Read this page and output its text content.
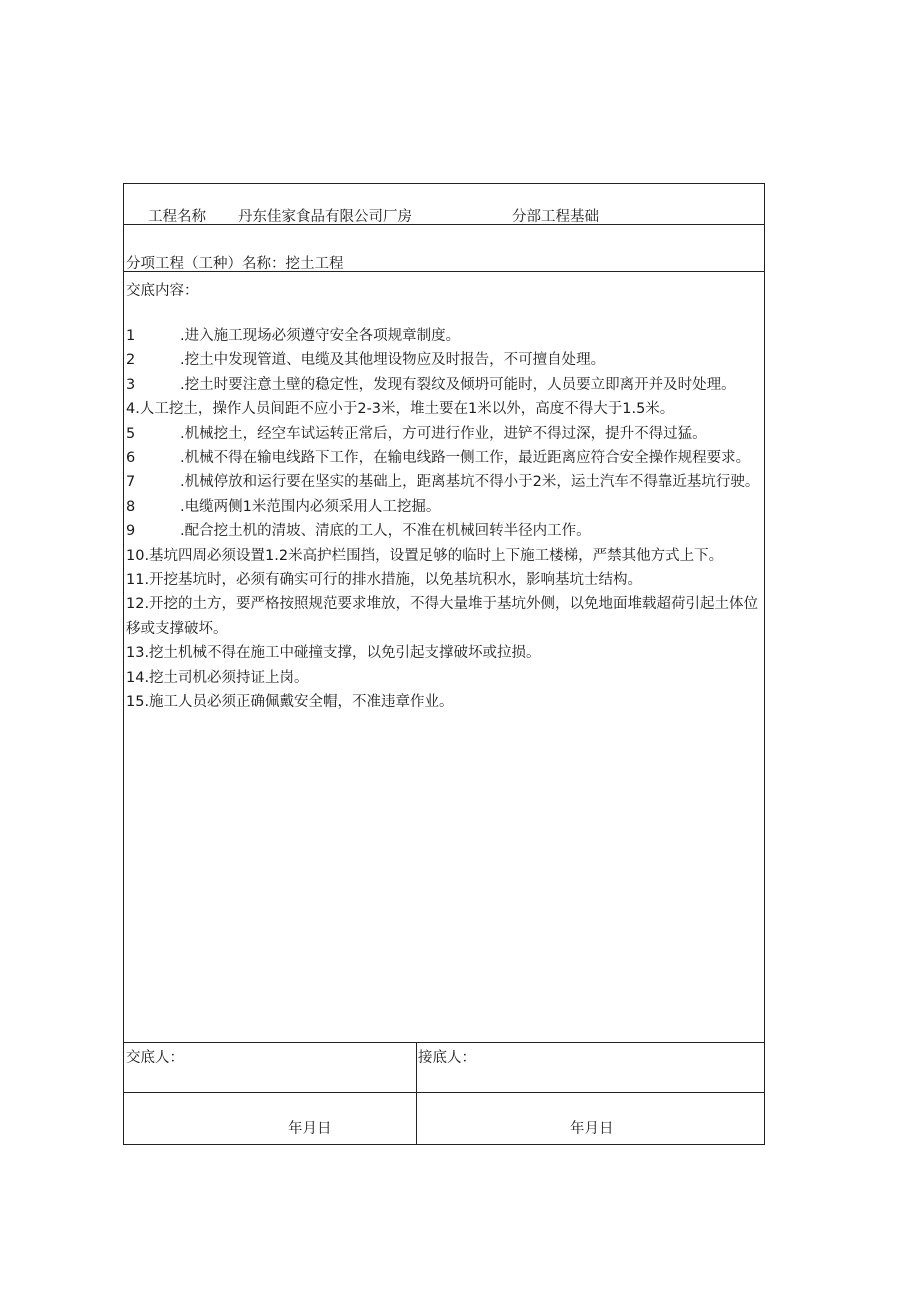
工程名称 丹东佳家食品有限公司厂房	分部工程基础
分项工程（工种）名称：挖土工程
交底内容：
1	.进入施工现场必须遵守安全各项规章制度。
2	.挖土中发现管道、电缆及其他埋设物应及时报告，不可擅自处理。
3	.挖土时要注意土壁的稳定性，发现有裂纹及倾坍可能时，人员要立即离开并及时处理。
4.人工挖土，操作人员间距不应小于2-3米，堆土要在1米以外，高度不得大于1.5米。
5	.机械挖土，经空车试运转正常后，方可进行作业，进铲不得过深，提升不得过猛。
6	.机械不得在输电线路下工作，在输电线路一侧工作，最近距离应符合安全操作规程要求。
7	.机械停放和运行要在坚实的基础上，距离基坑不得小于2米，运土汽车不得靠近基坑行驶。
8	.电缆两侧1米范围内必须采用人工挖掘。
9	.配合挖土机的清坡、清底的工人，不准在机械回转半径内工作。
10.基坑四周必须设置1.2米高护栏围挡，设置足够的临时上下施工楼梯，严禁其他方式上下。
11.开挖基坑时，必须有确实可行的排水措施，以免基坑积水，影响基坑士结构。
12.开挖的土方，要严格按照规范要求堆放，不得大量堆于基坑外侧，以免地面堆载超荷引起土体位移或支撑破坏。
13.挖土机械不得在施工中碰撞支撑，以免引起支撑破坏或拉损。
14.挖土司机必须持证上岗。
15.施工人员必须正确佩戴安全帽，不准违章作业。
交底人：	接底人：
年月日	年月日
